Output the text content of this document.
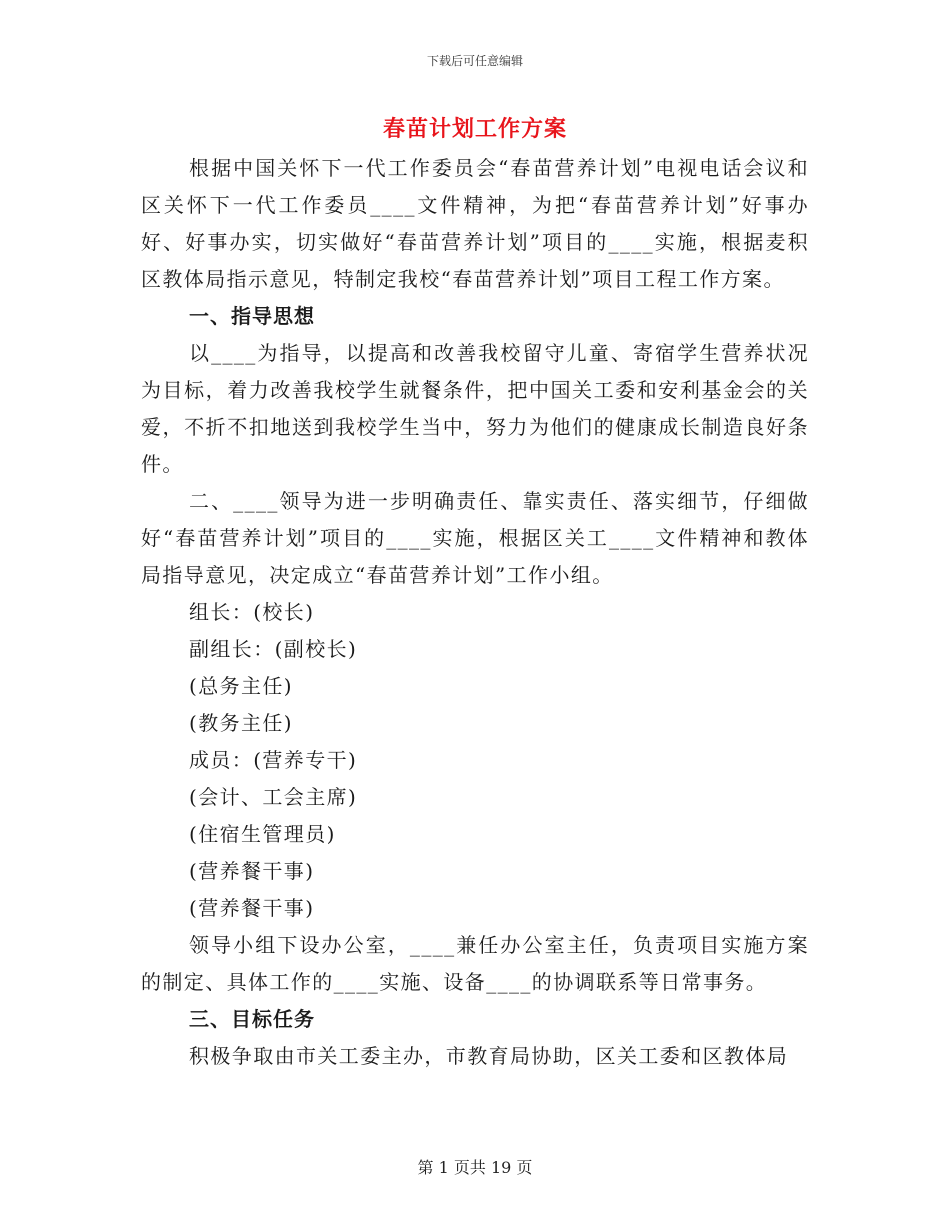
下载后可任意编辑
春苗计划工作方案

根据中国关怀下一代工作委员会“春苗营养计划”电视电话会议和区关怀下一代工作委员____文件精神，为把“春苗营养计划”好事办好、好事办实，切实做好“春苗营养计划”项目的____实施，根据麦积区教体局指示意见，特制定我校“春苗营养计划”项目工程工作方案。

一、指导思想

以____为指导，以提高和改善我校留守儿童、寄宿学生营养状况为目标，着力改善我校学生就餐条件，把中国关工委和安利基金会的关爱，不折不扣地送到我校学生当中，努力为他们的健康成长制造良好条件。

二、____领导为进一步明确责任、靠实责任、落实细节，仔细做好“春苗营养计划”项目的____实施，根据区关工____文件精神和教体局指导意见，决定成立“春苗营养计划”工作小组。

组长：(校长)

副组长：(副校长)

(总务主任)

(教务主任)

成员：(营养专干)

(会计、工会主席)

(住宿生管理员)

(营养餐干事)

(营养餐干事)

领导小组下设办公室，____兼任办公室主任，负责项目实施方案的制定、具体工作的____实施、设备____的协调联系等日常事务。

三、目标任务

积极争取由市关工委主办，市教育局协助，区关工委和区教体局

第 1 页共 19 页
